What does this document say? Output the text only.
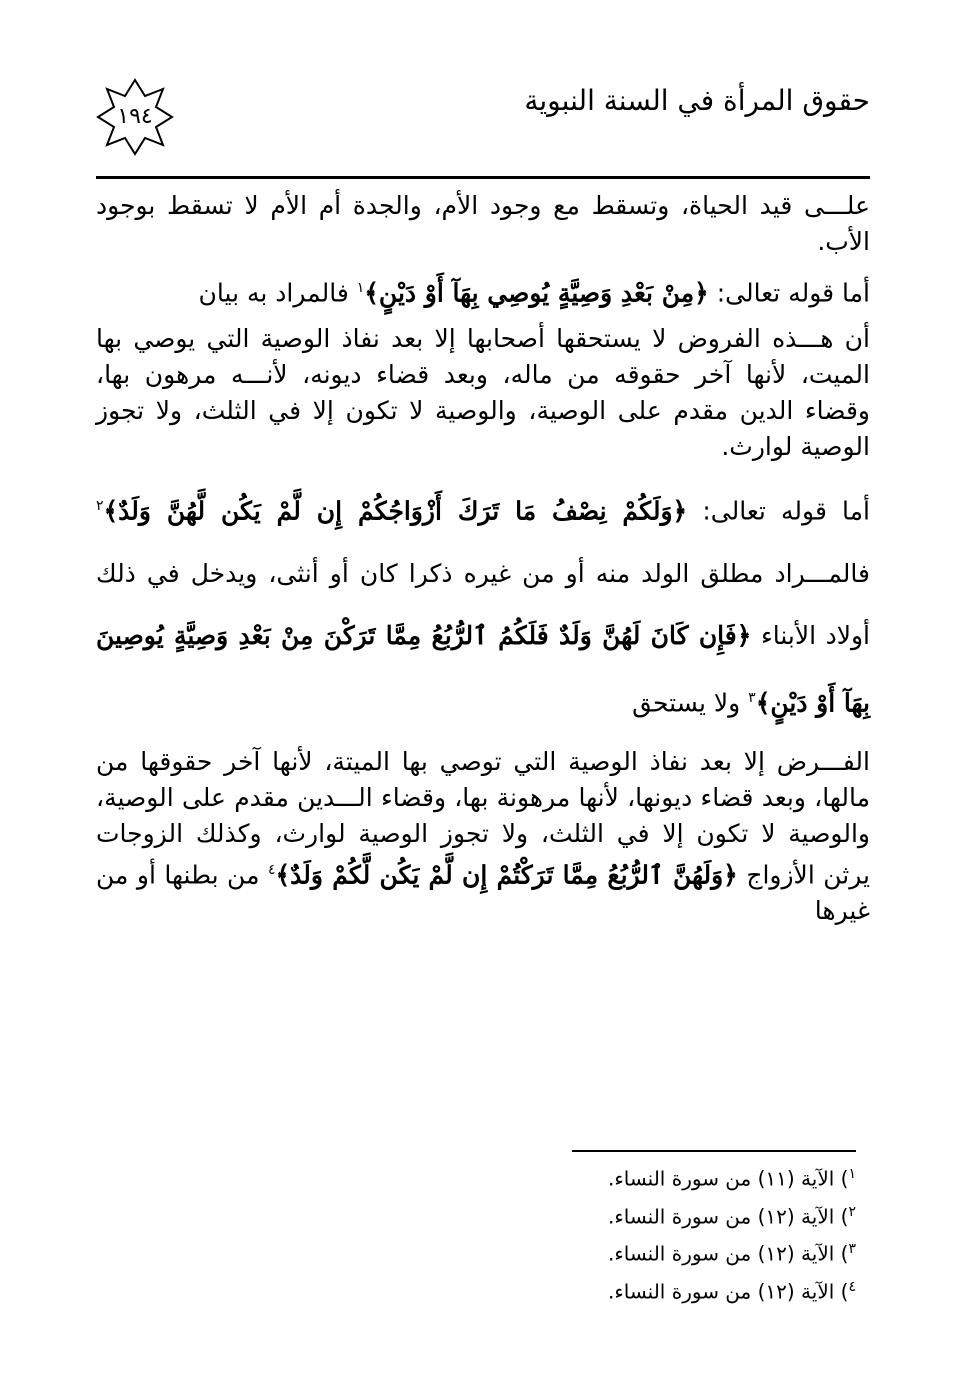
حقوق المرأة في السنة النبوية
١٩٤

علـــى قيد الحياة، وتسقط مع وجود الأم، والجدة أم الأم لا تسقط بوجود الأب.

أما قوله تعالى: ﴿مِنْ بَعْدِ وَصِيَّةٍ يُوصِي بِهَآ أَوْ دَيْنٍ﴾$^١$ فالمراد به بيان

أن هـــذه الفروض لا يستحقها أصحابها إلا بعد نفاذ الوصية التي يوصي بها الميت، لأنها آخر حقوقه من ماله، وبعد قضاء ديونه، لأنـــه مرهون بها، وقضاء الدين مقدم على الوصية، والوصية لا تكون إلا في الثلث، ولا تجوز الوصية لوارث.

أما قوله تعالى: ﴿وَلَكُمْ نِصْفُ مَا تَرَكَ أَزْوَاجُكُمْ إِن لَّمْ يَكُن لَّهُنَّ وَلَدٌ﴾$^٢$ فالمـــراد مطلق الولد منه أو من غيره ذكرا كان أو أنثى، ويدخل في ذلك أولاد الأبناء ﴿فَإِن كَانَ لَهُنَّ وَلَدٌ فَلَكُمُ ٱلرُّبُعُ مِمَّا تَرَكْنَ مِنْ بَعْدِ وَصِيَّةٍ يُوصِينَ بِهَآ أَوْ دَيْنٍ﴾$^٣$ ولا يستحق

الفـــرض إلا بعد نفاذ الوصية التي توصي بها الميتة، لأنها آخر حقوقها من مالها، وبعد قضاء ديونها، لأنها مرهونة بها، وقضاء الـــدين مقدم على الوصية، والوصية لا تكون إلا في الثلث، ولا تجوز الوصية لوارث، وكذلك الزوجات يرثن الأزواج ﴿وَلَهُنَّ ٱلرُّبُعُ مِمَّا تَرَكْتُمْ إِن لَّمْ يَكُن لَّكُمْ وَلَدٌ﴾$^٤$ من بطنها أو من غيرها

$^١$) الآية (١١) من سورة النساء.
$^٢$) الآية (١٢) من سورة النساء.
$^٣$) الآية (١٢) من سورة النساء.
$^٤$) الآية (١٢) من سورة النساء.
